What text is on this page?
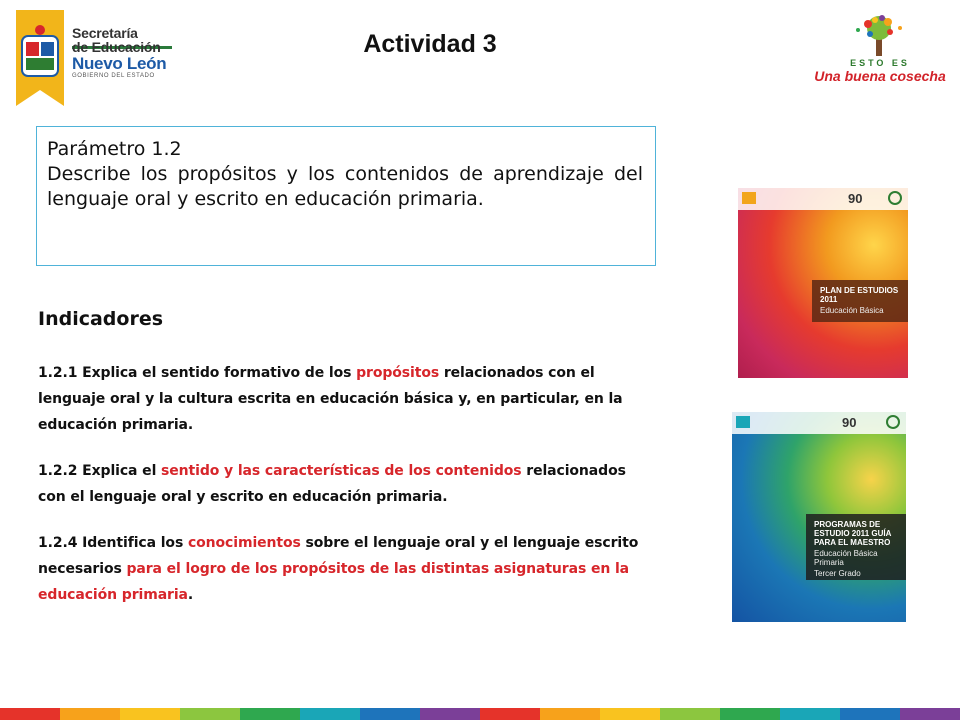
Secretaría
de Educación
Nuevo León
GOBIERNO DEL ESTADO
Actividad 3
ESTO ES
Una buena cosecha
Parámetro 1.2
Describe los propósitos y los contenidos de aprendizaje del lenguaje oral y escrito en educación primaria.
Indicadores
1.2.1 Explica el sentido formativo de los propósitos relacionados con el lenguaje oral y la cultura escrita en educación básica y, en particular, en la educación primaria.
1.2.2 Explica el sentido y las características de los contenidos relacionados con el lenguaje oral y escrito en educación primaria.
1.2.4 Identifica los conocimientos sobre el lenguaje oral y el lenguaje escrito necesarios para el logro de los propósitos de las distintas asignaturas en la educación primaria.
90
PLAN DE ESTUDIOS 2011
Educación Básica
90
PROGRAMAS DE ESTUDIO 2011 GUÍA PARA EL MAESTRO
Educación Básica Primaria
Tercer Grado
